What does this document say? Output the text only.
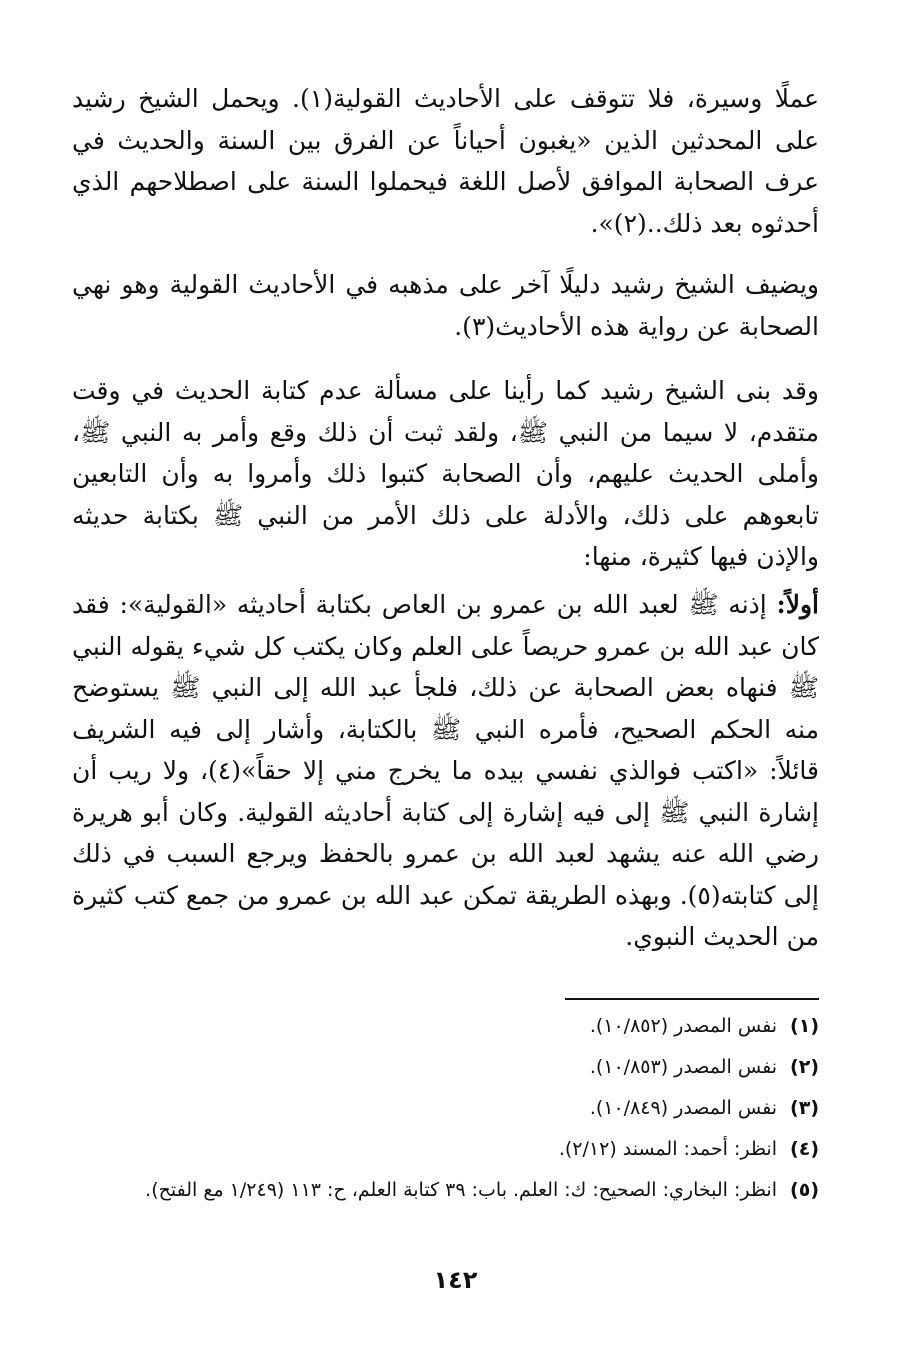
عملًا وسيرة، فلا تتوقف على الأحاديث القولية(١). ويحمل الشيخ رشيد على المحدثين الذين «يغبون أحياناً عن الفرق بين السنة والحديث في عرف الصحابة الموافق لأصل اللغة فيحملوا السنة على اصطلاحهم الذي أحدثوه بعد ذلك..(٢)».

ويضيف الشيخ رشيد دليلًا آخر على مذهبه في الأحاديث القولية وهو نهي الصحابة عن رواية هذه الأحاديث(٣).

وقد بنى الشيخ رشيد كما رأينا على مسألة عدم كتابة الحديث في وقت متقدم، لا سيما من النبي ﷺ، ولقد ثبت أن ذلك وقع وأمر به النبي ﷺ، وأملى الحديث عليهم، وأن الصحابة كتبوا ذلك وأمروا به وأن التابعين تابعوهم على ذلك، والأدلة على ذلك الأمر من النبي ﷺ بكتابة حديثه والإذن فيها كثيرة، منها:

أولاً: إذنه ﷺ لعبد الله بن عمرو بن العاص بكتابة أحاديثه «القولية»: فقد كان عبد الله بن عمرو حريصاً على العلم وكان يكتب كل شيء يقوله النبي ﷺ فنهاه بعض الصحابة عن ذلك، فلجأ عبد الله إلى النبي ﷺ يستوضح منه الحكم الصحيح، فأمره النبي ﷺ بالكتابة، وأشار إلى فيه الشريف قائلاً: «اكتب فوالذي نفسي بيده ما يخرج مني إلا حقاً»(٤)، ولا ريب أن إشارة النبي ﷺ إلى فيه إشارة إلى كتابة أحاديثه القولية. وكان أبو هريرة رضي الله عنه يشهد لعبد الله بن عمرو بالحفظ ويرجع السبب في ذلك إلى كتابته(٥). وبهذه الطريقة تمكن عبد الله بن عمرو من جمع كتب كثيرة من الحديث النبوي.

(١)
نفس المصدر (١٠/٨٥٢).
(٢)
نفس المصدر (١٠/٨٥٣).
(٣)
نفس المصدر (١٠/٨٤٩).
(٤)
انظر: أحمد: المسند (٢/١٢).
(٥)
انظر: البخاري: الصحيح: ك: العلم. باب: ٣٩ كتابة العلم، ح: ١١٣ (١/٢٤٩ مع الفتح).
١٤٢
